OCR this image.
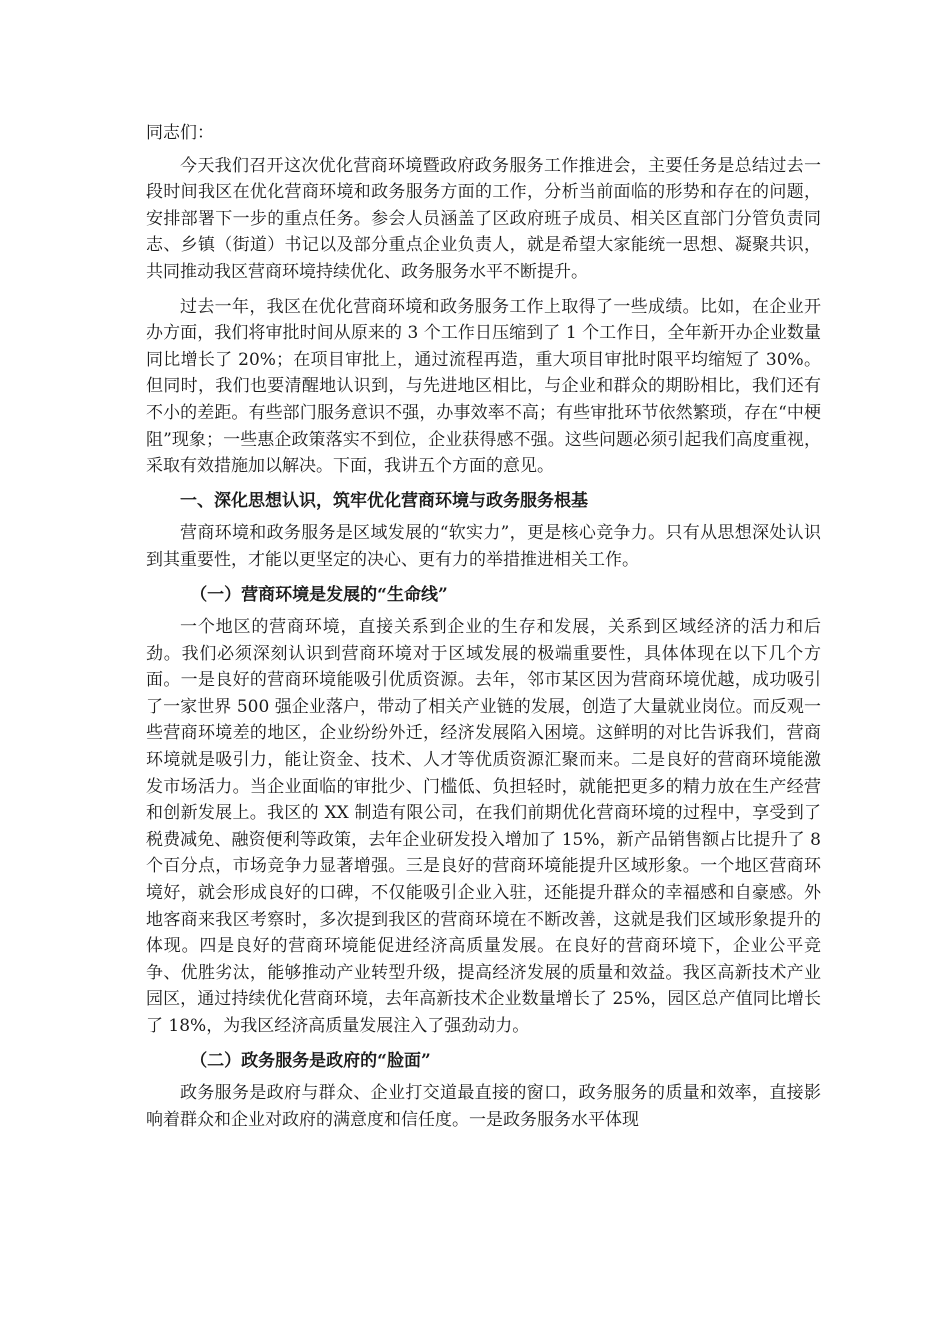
同志们：

今天我们召开这次优化营商环境暨政府政务服务工作推进会，主要任务是总结过去一段时间我区在优化营商环境和政务服务方面的工作，分析当前面临的形势和存在的问题，安排部署下一步的重点任务。参会人员涵盖了区政府班子成员、相关区直部门分管负责同志、乡镇（街道）书记以及部分重点企业负责人，就是希望大家能统一思想、凝聚共识，共同推动我区营商环境持续优化、政务服务水平不断提升。

过去一年，我区在优化营商环境和政务服务工作上取得了一些成绩。比如，在企业开办方面，我们将审批时间从原来的 3 个工作日压缩到了 1 个工作日，全年新开办企业数量同比增长了 20%；在项目审批上，通过流程再造，重大项目审批时限平均缩短了 30%。但同时，我们也要清醒地认识到，与先进地区相比，与企业和群众的期盼相比，我们还有不小的差距。有些部门服务意识不强，办事效率不高；有些审批环节依然繁琐，存在“中梗阻”现象；一些惠企政策落实不到位，企业获得感不强。这些问题必须引起我们高度重视，采取有效措施加以解决。下面，我讲五个方面的意见。

一、深化思想认识，筑牢优化营商环境与政务服务根基

营商环境和政务服务是区域发展的“软实力”，更是核心竞争力。只有从思想深处认识到其重要性，才能以更坚定的决心、更有力的举措推进相关工作。

（一）营商环境是发展的“生命线”

一个地区的营商环境，直接关系到企业的生存和发展，关系到区域经济的活力和后劲。我们必须深刻认识到营商环境对于区域发展的极端重要性，具体体现在以下几个方面。一是良好的营商环境能吸引优质资源。去年，邻市某区因为营商环境优越，成功吸引了一家世界 500 强企业落户，带动了相关产业链的发展，创造了大量就业岗位。而反观一些营商环境差的地区，企业纷纷外迁，经济发展陷入困境。这鲜明的对比告诉我们，营商环境就是吸引力，能让资金、技术、人才等优质资源汇聚而来。二是良好的营商环境能激发市场活力。当企业面临的审批少、门槛低、负担轻时，就能把更多的精力放在生产经营和创新发展上。我区的 XX 制造有限公司，在我们前期优化营商环境的过程中，享受到了税费减免、融资便利等政策，去年企业研发投入增加了 15%，新产品销售额占比提升了 8 个百分点，市场竞争力显著增强。三是良好的营商环境能提升区域形象。一个地区营商环境好，就会形成良好的口碑，不仅能吸引企业入驻，还能提升群众的幸福感和自豪感。外地客商来我区考察时，多次提到我区的营商环境在不断改善，这就是我们区域形象提升的体现。四是良好的营商环境能促进经济高质量发展。在良好的营商环境下，企业公平竞争、优胜劣汰，能够推动产业转型升级，提高经济发展的质量和效益。我区高新技术产业园区，通过持续优化营商环境，去年高新技术企业数量增长了 25%，园区总产值同比增长了 18%，为我区经济高质量发展注入了强劲动力。

（二）政务服务是政府的“脸面”

政务服务是政府与群众、企业打交道最直接的窗口，政务服务的质量和效率，直接影响着群众和企业对政府的满意度和信任度。一是政务服务水平体现
